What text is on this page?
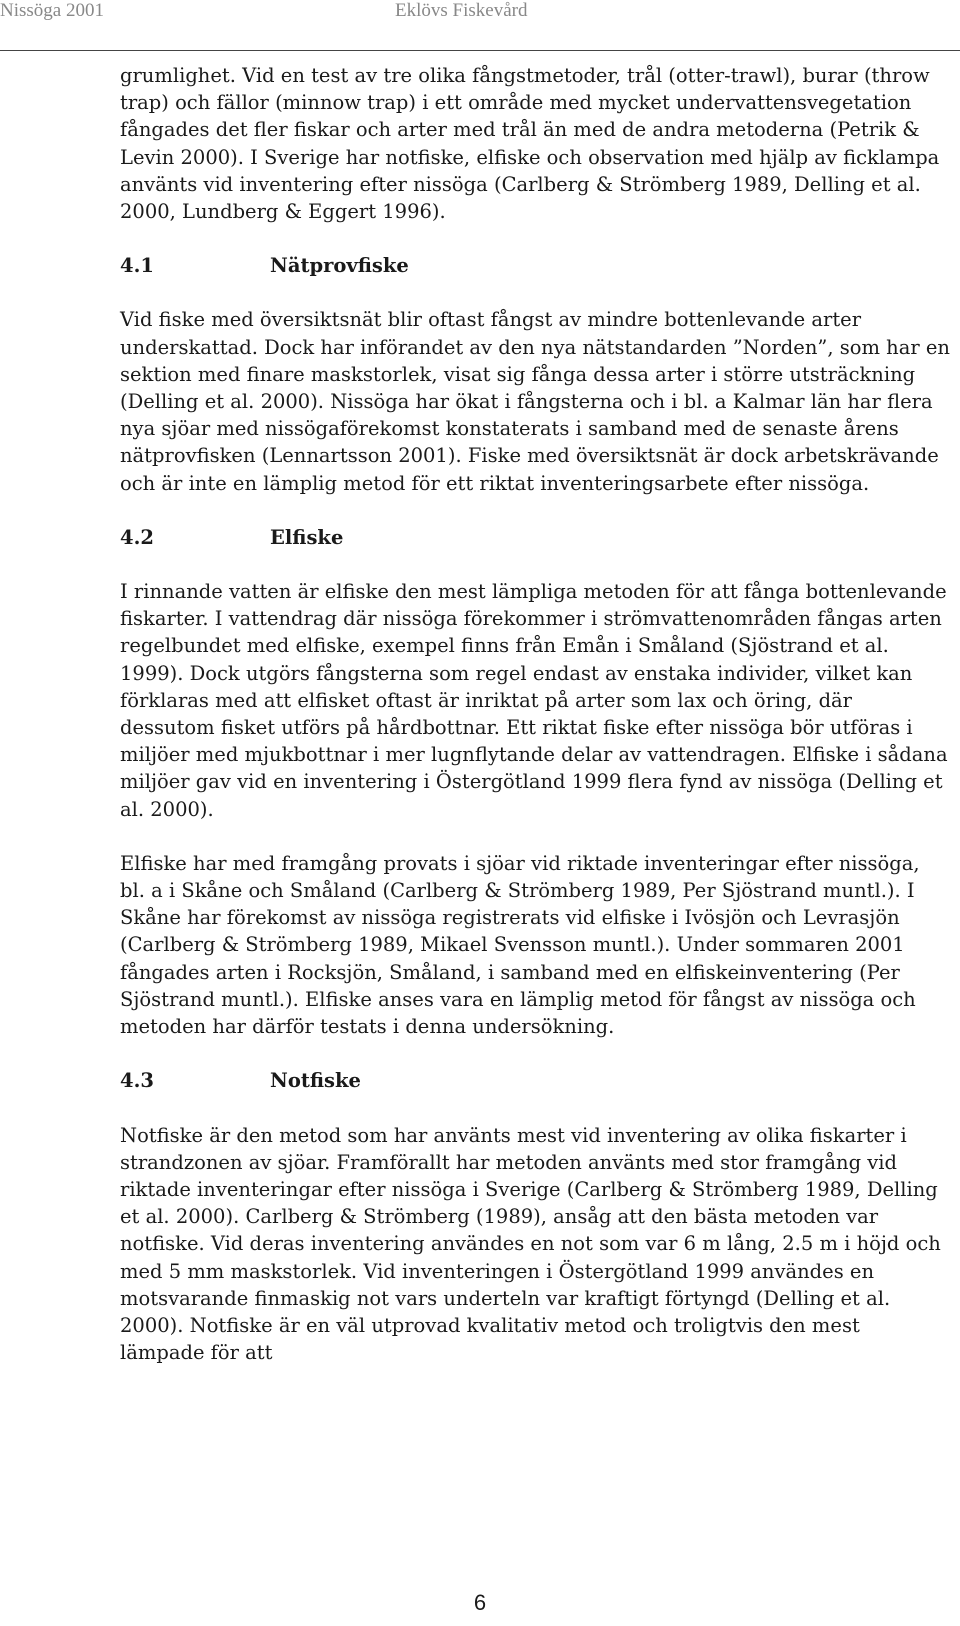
Nissöga 2001	Eklövs Fiskevård

grumlighet. Vid en test av tre olika fångstmetoder, trål (otter-trawl), burar (throw trap) och fällor (minnow trap) i ett område med mycket undervattensvegetation fångades det fler fiskar och arter med trål än med de andra metoderna (Petrik & Levin 2000). I Sverige har notfiske, elfiske och observation med hjälp av ficklampa använts vid inventering efter nissöga (Carlberg & Strömberg 1989, Delling et al. 2000, Lundberg & Eggert 1996).

4.1	Nätprovfiske

Vid fiske med översiktsnät blir oftast fångst av mindre bottenlevande arter underskattad. Dock har införandet av den nya nätstandarden ”Norden”, som har en sektion med finare maskstorlek, visat sig fånga dessa arter i större utsträckning (Delling et al. 2000). Nissöga har ökat i fångsterna och i bl. a Kalmar län har flera nya sjöar med nissögaförekomst konstaterats i samband med de senaste årens nätprovfisken (Lennartsson 2001). Fiske med översiktsnät är dock arbetskrävande och är inte en lämplig metod för ett riktat inventeringsarbete efter nissöga.

4.2	Elfiske

I rinnande vatten är elfiske den mest lämpliga metoden för att fånga bottenlevande fiskarter. I vattendrag där nissöga förekommer i strömvattenområden fångas arten regelbundet med elfiske, exempel finns från Emån i Småland (Sjöstrand et al. 1999). Dock utgörs fångsterna som regel endast av enstaka individer, vilket kan förklaras med att elfisket oftast är inriktat på arter som lax och öring, där dessutom fisket utförs på hårdbottnar. Ett riktat fiske efter nissöga bör utföras i miljöer med mjukbottnar i mer lugnflytande delar av vattendragen. Elfiske i sådana miljöer gav vid en inventering i Östergötland 1999 flera fynd av nissöga (Delling et al. 2000).

Elfiske har med framgång provats i sjöar vid riktade inventeringar efter nissöga, bl. a i Skåne och Småland (Carlberg & Strömberg 1989, Per Sjöstrand muntl.). I Skåne har förekomst av nissöga registrerats vid elfiske i Ivösjön och Levrasjön (Carlberg & Strömberg 1989, Mikael Svensson muntl.). Under sommaren 2001 fångades arten i Rocksjön, Småland, i samband med en elfiskeinventering (Per Sjöstrand muntl.). Elfiske anses vara en lämplig metod för fångst av nissöga och metoden har därför testats i denna undersökning.

4.3	Notfiske

Notfiske är den metod som har använts mest vid inventering av olika fiskarter i strandzonen av sjöar. Framförallt har metoden använts med stor framgång vid riktade inventeringar efter nissöga i Sverige (Carlberg & Strömberg 1989, Delling et al. 2000). Carlberg & Strömberg (1989), ansåg att den bästa metoden var notfiske. Vid deras inventering användes en not som var 6 m lång, 2.5 m i höjd och med 5 mm maskstorlek. Vid inventeringen i Östergötland 1999 användes en motsvarande finmaskig not vars underteln var kraftigt förtyngd (Delling et al. 2000). Notfiske är en väl utprovad kvalitativ metod och troligtvis den mest lämpade för att

6
